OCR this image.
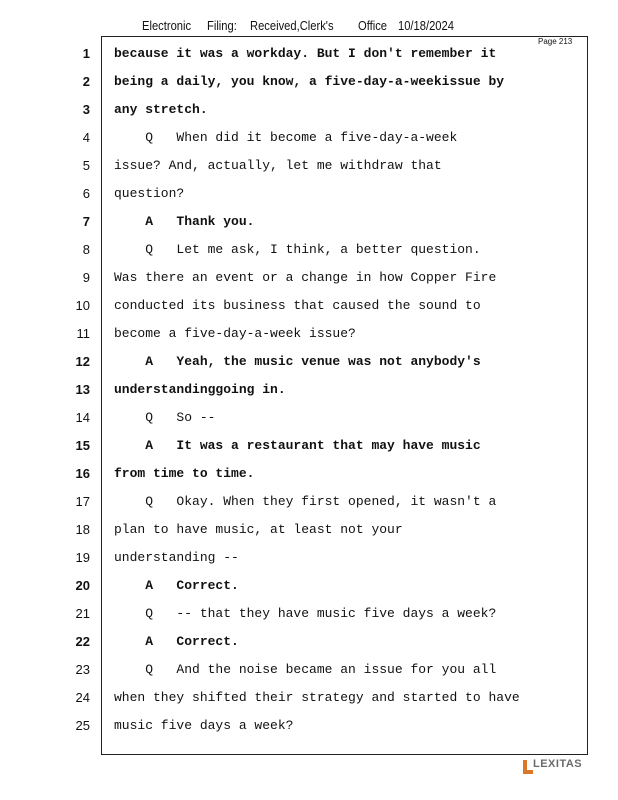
Electronic Filing: Received,Clerk's Office 10/18/2024
Page 213
1 because it was a workday. But I don't remember it
2 being a daily, you know, a five-day-a-weekissue by
3 any stretch.
4 Q   When did it become a five-day-a-week
5 issue? And, actually, let me withdraw that
6 question?
7 A   Thank you.
8 Q   Let me ask, I think, a better question.
9 Was there an event or a change in how Copper Fire
10 conducted its business that caused the sound to
11 become a five-day-a-week issue?
12 A   Yeah, the music venue was not anybody's
13 understandinggoing in.
14 Q   So --
15 A   It was a restaurant that may have music
16 from time to time.
17 Q   Okay. When they first opened, it wasn't a
18 plan to have music, at least not your
19 understanding --
20 A   Correct.
21 Q   -- that they have music five days a week?
22 A   Correct.
23 Q   And the noise became an issue for you all
24 when they shifted their strategy and started to have
25 music five days a week?
LEXITAS
